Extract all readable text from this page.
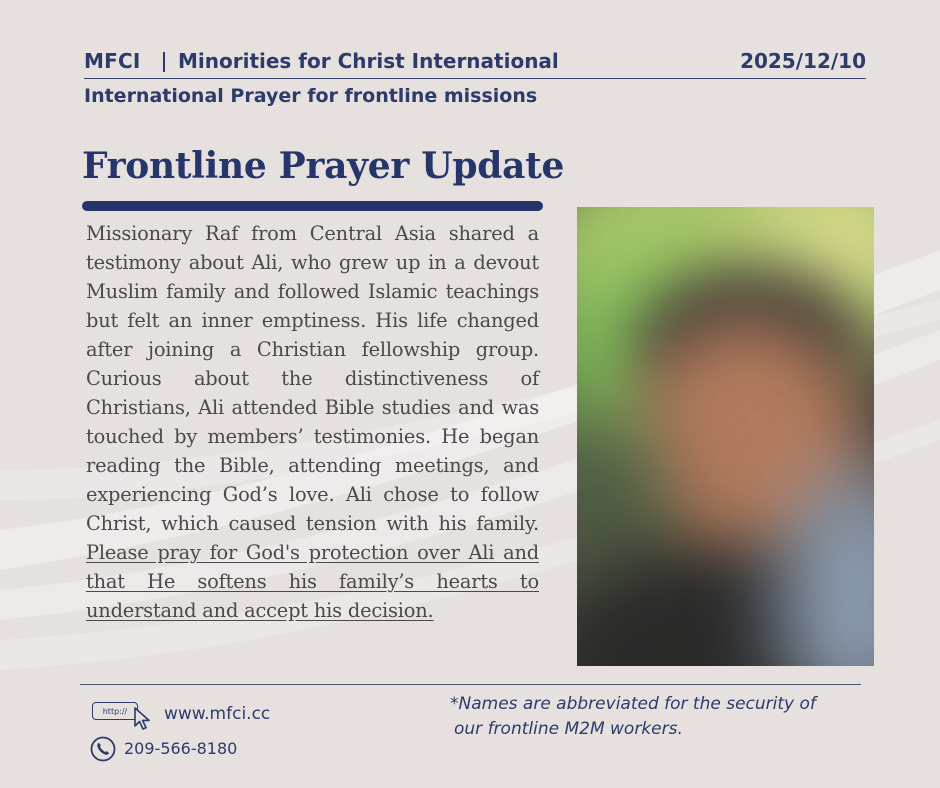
MFCI Minorities for Christ International	2025/12/10
International Prayer for frontline missions
Frontline Prayer Update

Missionary Raf from Central Asia shared a testimony about Ali, who grew up in a devout Muslim family and followed Islamic teachings but felt an inner emptiness. His life changed after joining a Christian fellowship group. Curious about the distinctiveness of Christians, Ali attended Bible studies and was touched by members’ testimonies. He began reading the Bible, attending meetings, and experiencing God’s love. Ali chose to follow Christ, which caused tension with his family. Please pray for God's protection over Ali and that He softens his family’s hearts to understand and accept his decision.

http://	www.mfci.cc
209-566-8180
*Names are abbreviated for the security of
our frontline M2M workers.
